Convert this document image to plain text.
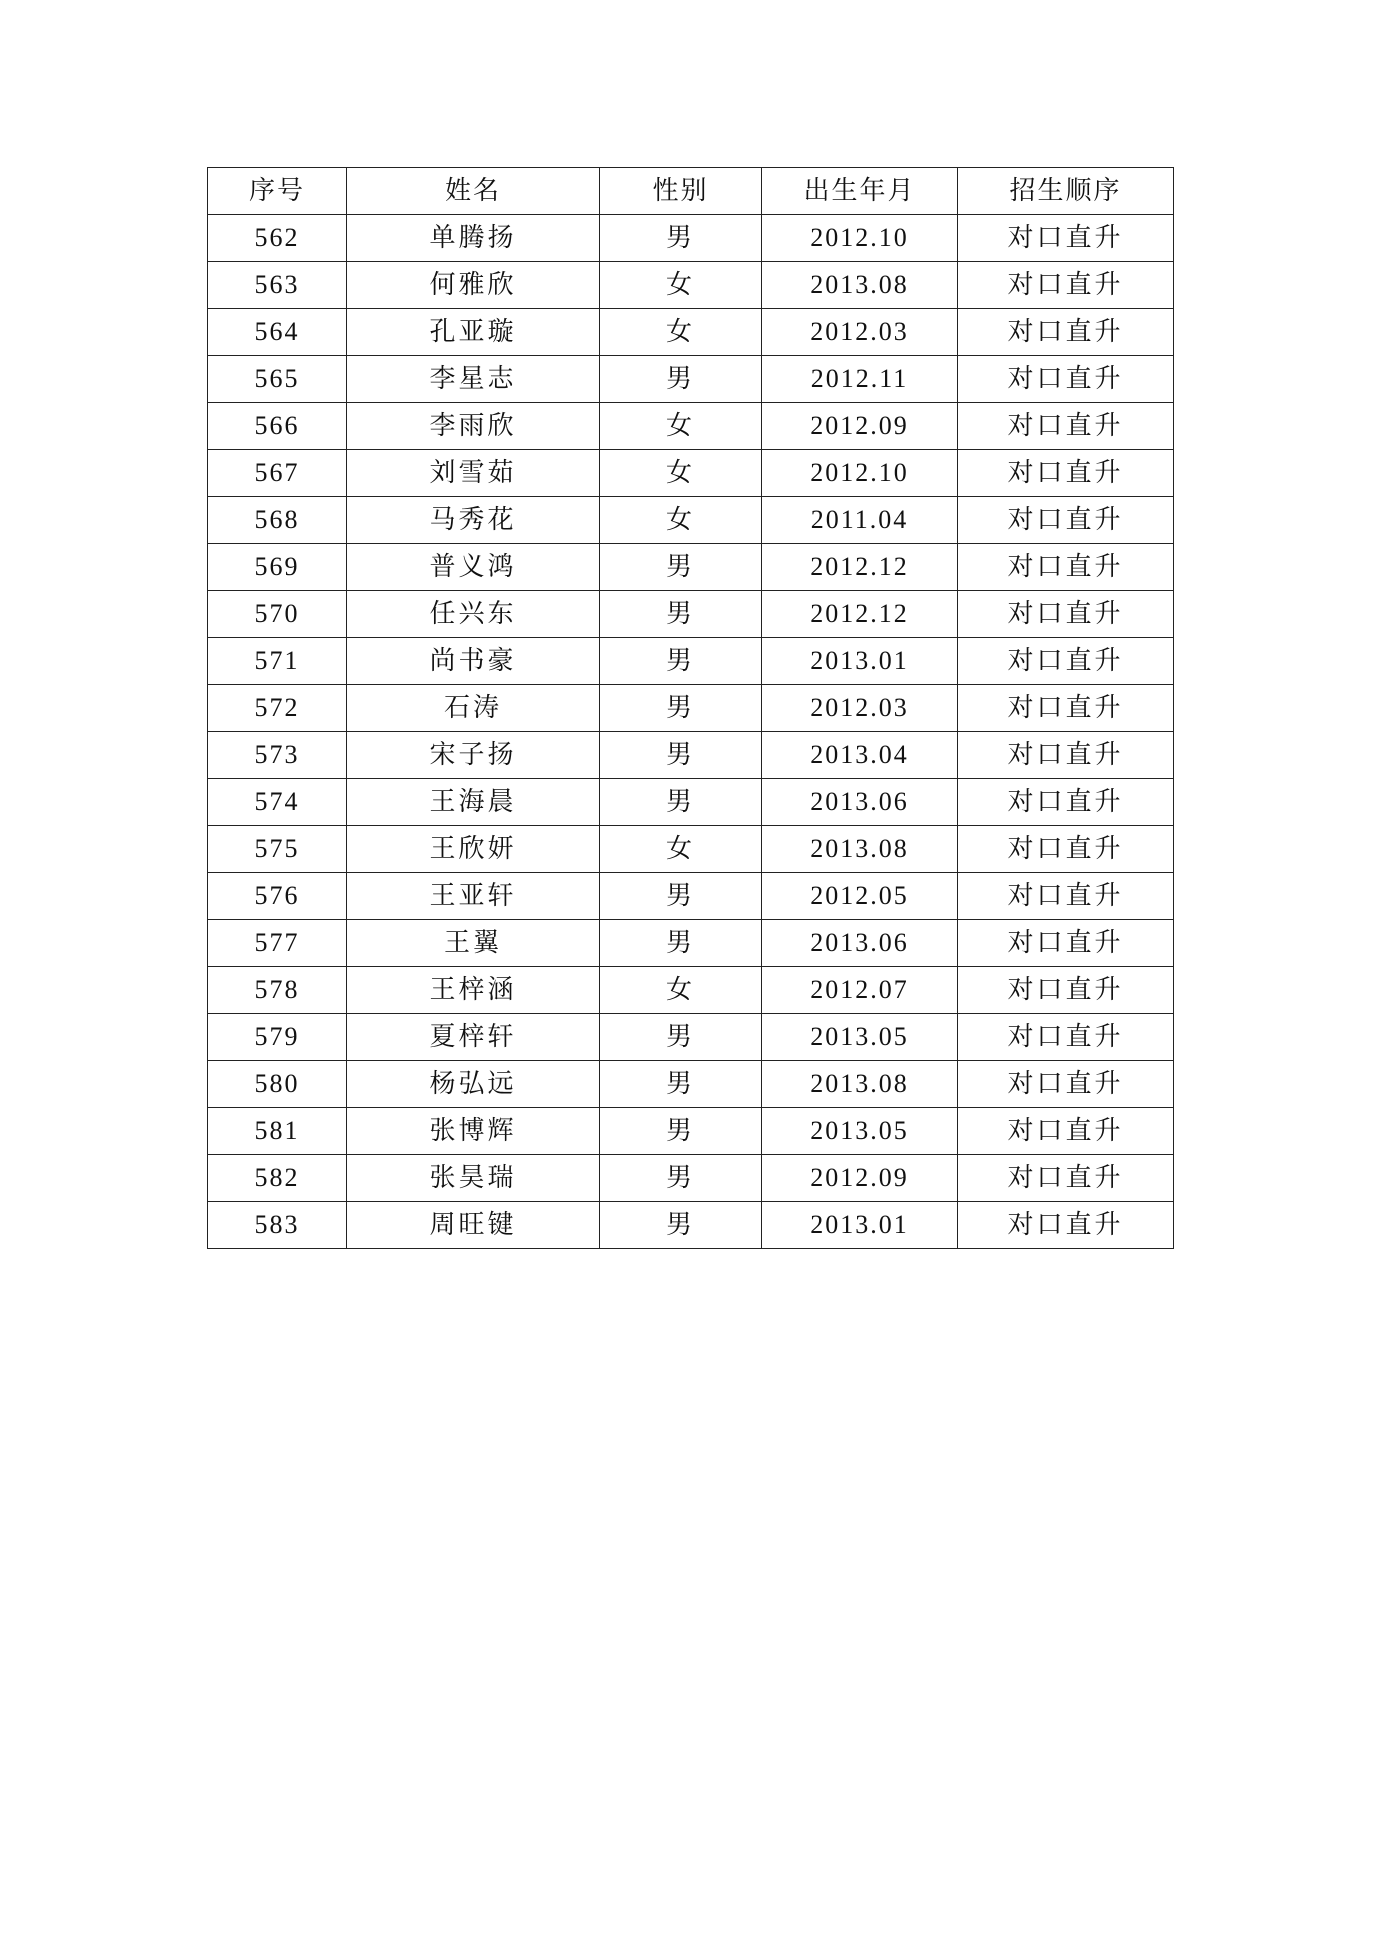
序号	姓名	性别	出生年月	招生顺序
562	单腾扬	男	2012.10	对口直升
563	何雅欣	女	2013.08	对口直升
564	孔亚璇	女	2012.03	对口直升
565	李星志	男	2012.11	对口直升
566	李雨欣	女	2012.09	对口直升
567	刘雪茹	女	2012.10	对口直升
568	马秀花	女	2011.04	对口直升
569	普义鸿	男	2012.12	对口直升
570	任兴东	男	2012.12	对口直升
571	尚书豪	男	2013.01	对口直升
572	石涛	男	2012.03	对口直升
573	宋子扬	男	2013.04	对口直升
574	王海晨	男	2013.06	对口直升
575	王欣妍	女	2013.08	对口直升
576	王亚轩	男	2012.05	对口直升
577	王翼	男	2013.06	对口直升
578	王梓涵	女	2012.07	对口直升
579	夏梓轩	男	2013.05	对口直升
580	杨弘远	男	2013.08	对口直升
581	张博辉	男	2013.05	对口直升
582	张昊瑞	男	2012.09	对口直升
583	周旺键	男	2013.01	对口直升
